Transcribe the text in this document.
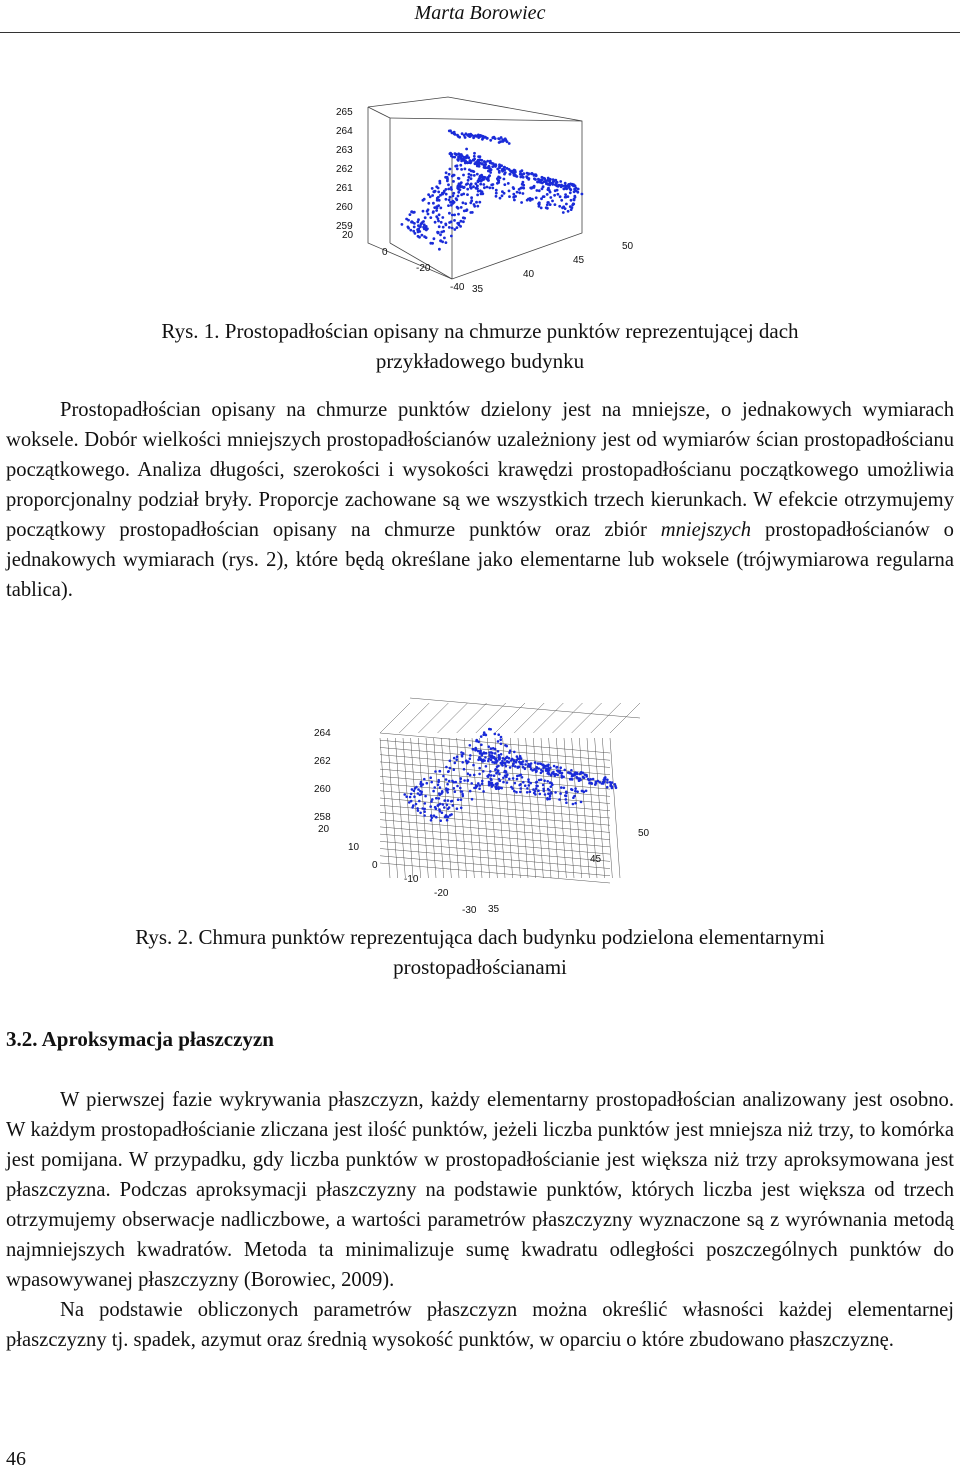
Marta Borowiec
265
264
263
262
261
260
259
20
0
-20
-40 35
40
45
50
Rys. 1. Prostopadłościan opisany na chmurze punktów reprezentującej dach
przykładowego budynku

Prostopadłościan opisany na chmurze punktów dzielony jest na mniejsze, o jednakowych wymiarach woksele. Dobór wielkości mniejszych prostopadłościanów uzależniony jest od wymiarów ścian prostopadłościanu początkowego. Analiza długości, szerokości i wysokości krawędzi prostopadłościanu początkowego umożliwia proporcjonalny podział bryły. Proporcje zachowane są we wszystkich trzech kierunkach. W efekcie otrzymujemy początkowy prostopadłościan opisany na chmurze punktów oraz zbiór mniejszych prostopadłościanów o jednakowych wymiarach (rys. 2), które będą określane jako elementarne lub woksele (trójwymiarowa regularna tablica).

264
262
260
258
20
10
0
-10
-20
-30 35
45
50
Rys. 2. Chmura punktów reprezentująca dach budynku podzielona elementarnymi
prostopadłościanami
3.2. Aproksymacja płaszczyzn

W pierwszej fazie wykrywania płaszczyzn, każdy elementarny prostopadłościan analizowany jest osobno. W każdym prostopadłościanie zliczana jest ilość punktów, jeżeli liczba punktów jest mniejsza niż trzy, to komórka jest pomijana. W przypadku, gdy liczba punktów w prostopadłościanie jest większa niż trzy aproksymowana jest płaszczyzna. Podczas aproksymacji płaszczyzny na podstawie punktów, których liczba jest większa od trzech otrzymujemy obserwacje nadliczbowe, a wartości parametrów płaszczyzny wyznaczone są z wyrównania metodą najmniejszych kwadratów. Metoda ta minimalizuje sumę kwadratu odległości poszczególnych punktów do wpasowywanej płaszczyzny (Borowiec, 2009).

Na podstawie obliczonych parametrów płaszczyzn można określić własności każdej elementarnej płaszczyzny tj. spadek, azymut oraz średnią wysokość punktów, w oparciu o które zbudowano płaszczyznę.

46
